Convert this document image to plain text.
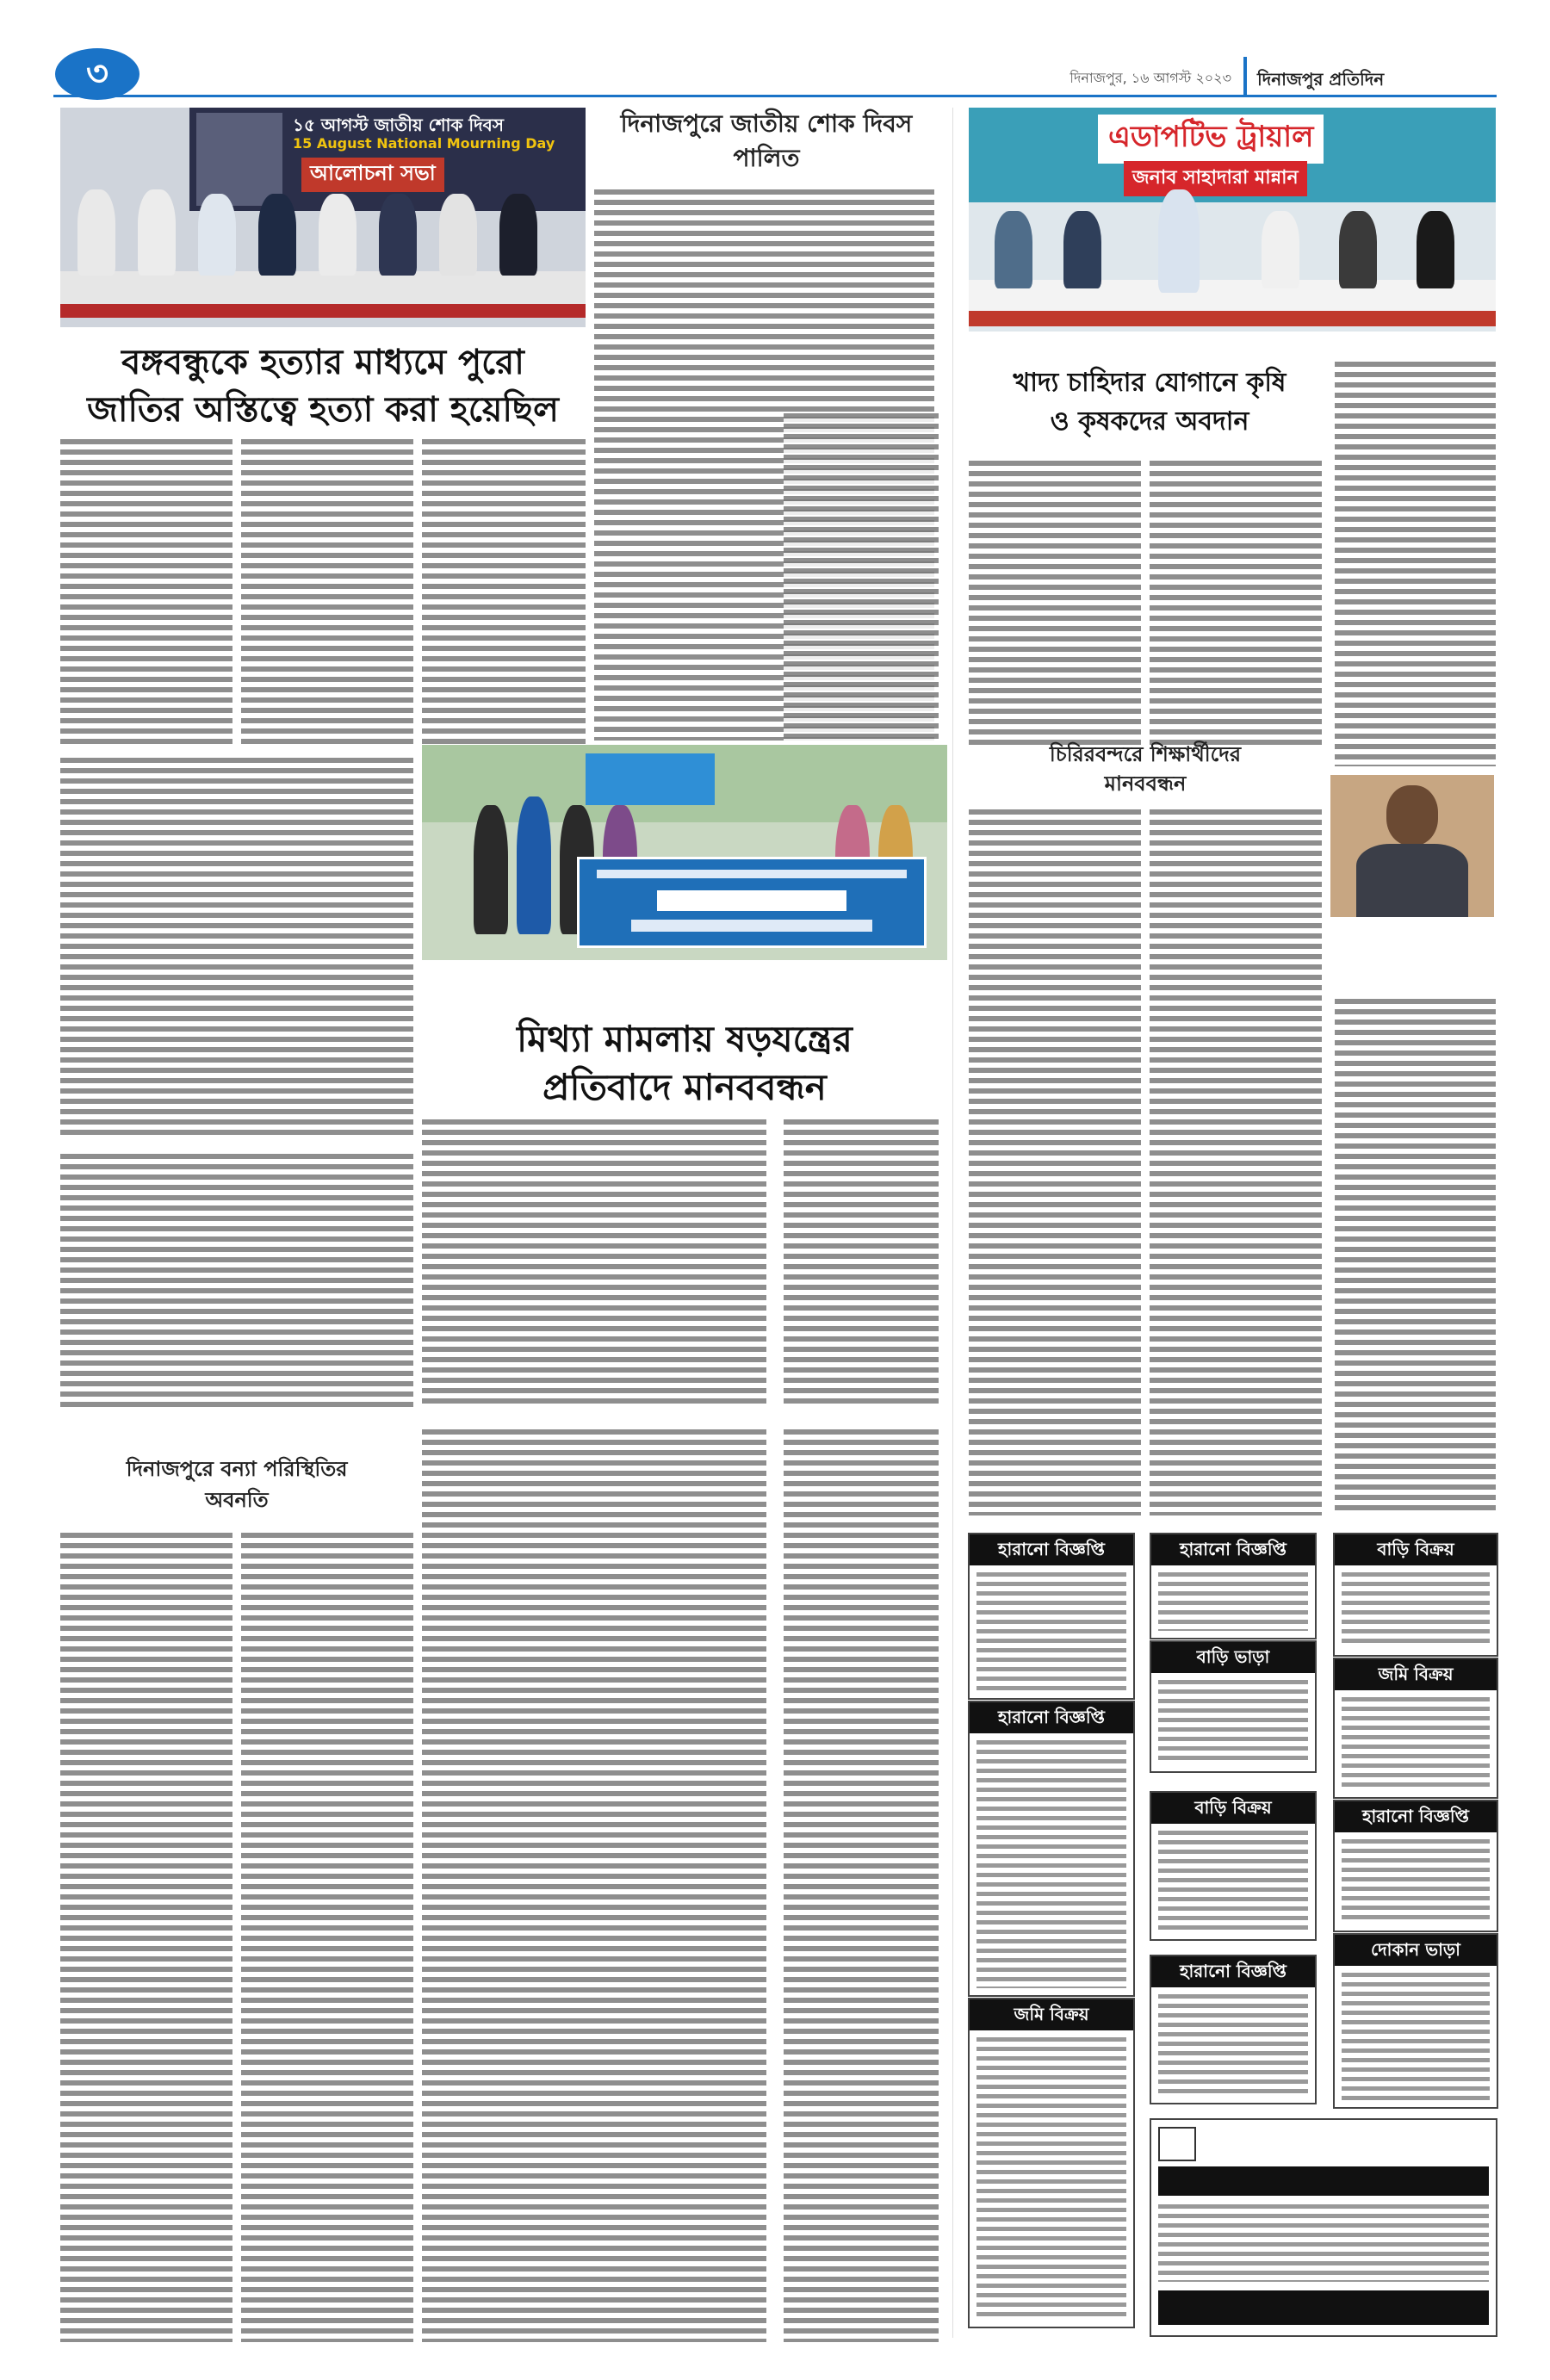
৩	দিনাজপুর, ১৬ আগস্ট ২০২৩ দিনাজপুর প্রতিদিন
১৫ আগস্ট জাতীয় শোক দিবস
15 August National Mourning Day
আলোচনা সভা
বঙ্গবন্ধুকে হত্যার মাধ্যমে পুরো
জাতির অস্তিত্বে হত্যা করা হয়েছিল
দিনাজপুরে জাতীয় শোক দিবস
পালিত
মিথ্যা মামলায় ষড়যন্ত্রের
প্রতিবাদে মানববন্ধন
দিনাজপুরে বন্যা পরিস্থিতির
অবনতি
এডাপটিভ ট্রায়াল
জনাব সাহাদারা মান্নান
খাদ্য চাহিদার যোগানে কৃষি
ও কৃষকদের অবদান
চিরিরবন্দরে শিক্ষার্থীদের
মানববন্ধন
হারানো বিজ্ঞপ্তি
হারানো বিজ্ঞপ্তি
জমি বিক্রয়
হারানো বিজ্ঞপ্তি
বাড়ি ভাড়া
বাড়ি বিক্রয়
হারানো বিজ্ঞপ্তি
বাড়ি বিক্রয়
জমি বিক্রয়
হারানো বিজ্ঞপ্তি
দোকান ভাড়া
